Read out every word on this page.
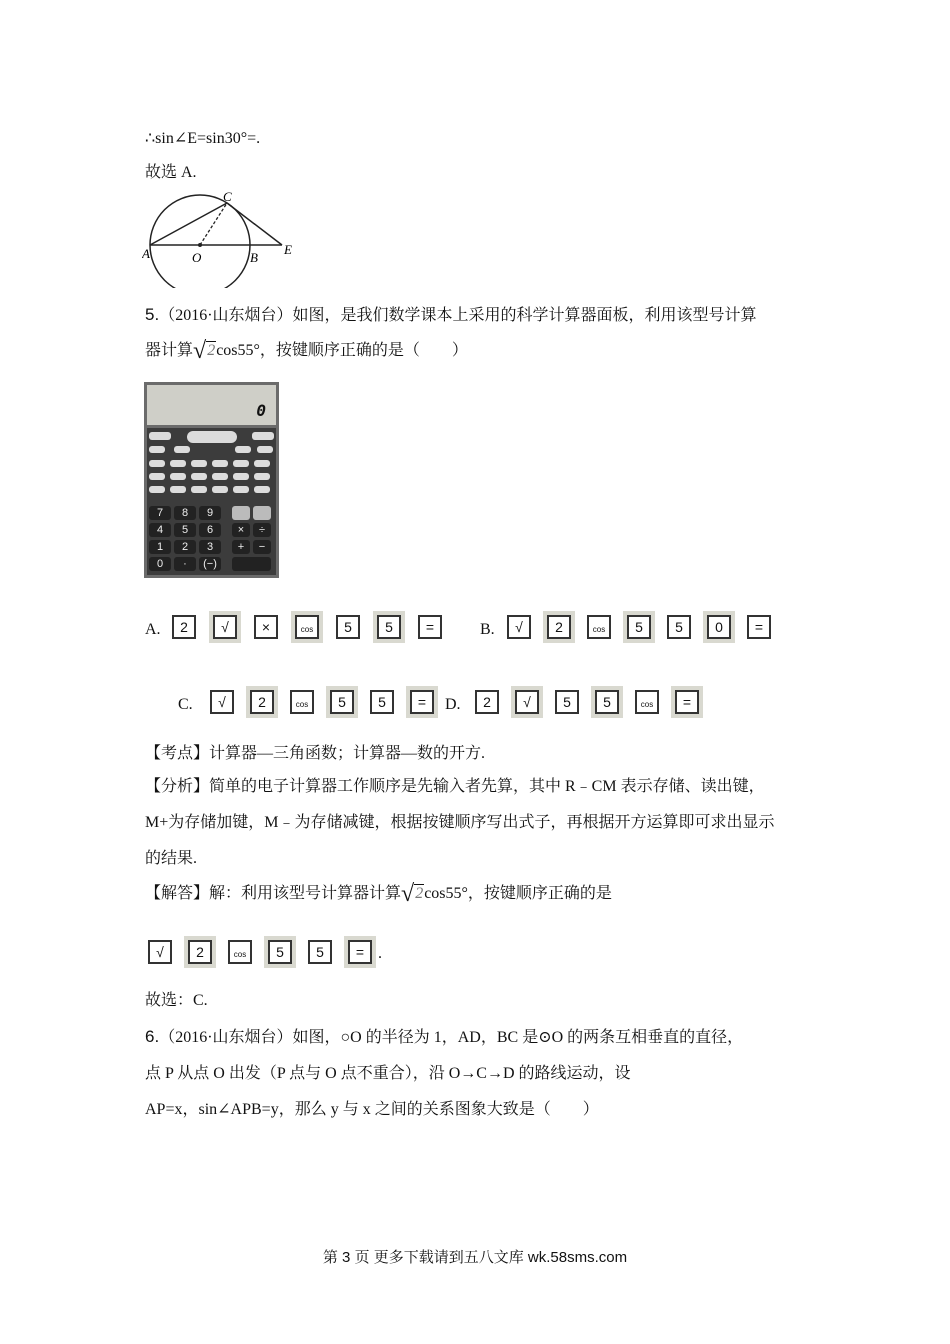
∴sin∠E=sin30°=.
故选 A.
C
A	O	B
E
5.（2016·山东烟台）如图，是我们数学课本上采用的科学计算器面板，利用该型号计算
器计算√2cos55°，按键顺序正确的是（　　）
0
7	8	9
4	5	6	×	÷
1	2	3	+	−
0	·	(−)
A.	2	√	×	cos	5	5	=	B.	√	2	cos	5	5	0	=
C.	√	2	cos	5	5	=	D.	2	√	5	5	cos	=
【考点】计算器—三角函数；计算器—数的开方.
【分析】简单的电子计算器工作顺序是先输入者先算，其中 R﹣CM 表示存储、读出键，
M+为存储加键，M﹣为存储减键，根据按键顺序写出式子，再根据开方运算即可求出显示
的结果.
【解答】解：利用该型号计算器计算√2cos55°，按键顺序正确的是
√	2	cos	5	5	= .
故选：C.
6.（2016·山东烟台）如图，○O 的半径为 1，AD，BC 是⊙O 的两条互相垂直的直径，
点 P 从点 O 出发（P 点与 O 点不重合），沿 O→C→D 的路线运动，设
AP=x，sin∠APB=y，那么 y 与 x 之间的关系图象大致是（　　）
第 3 页 更多下载请到五八文库 wk.58sms.com
